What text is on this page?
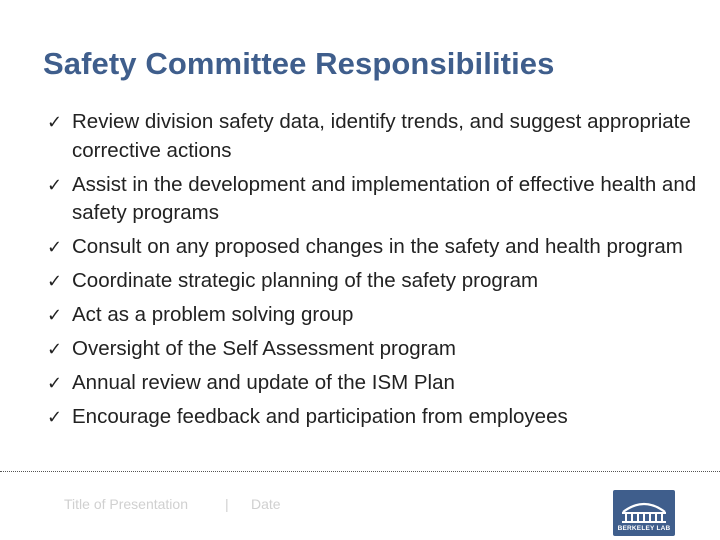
Safety Committee Responsibilities
✓ Review division safety data, identify trends, and suggest appropriate corrective actions
✓ Assist in the development and implementation of effective health and safety programs
✓ Consult on any proposed changes in the safety and health program
✓ Coordinate strategic planning of the safety program
✓ Act as a problem solving group
✓ Oversight of the Self Assessment program
✓ Annual review and update of the ISM Plan
✓ Encourage feedback and participation from employees
Title of Presentation	| Date
BERKELEY LAB
